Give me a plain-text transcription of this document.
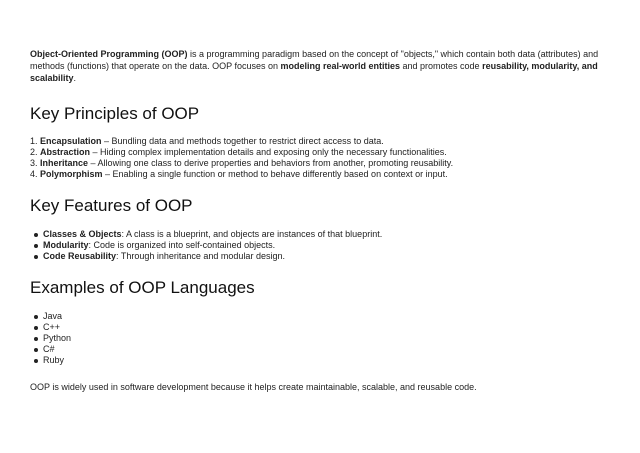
Object-Oriented Programming (OOP) is a programming paradigm based on the concept of "objects," which contain both data (attributes) and methods (functions) that operate on the data. OOP focuses on modeling real-world entities and promotes code reusability, modularity, and scalability.

Key Principles of OOP
1. Encapsulation – Bundling data and methods together to restrict direct access to data.
2. Abstraction – Hiding complex implementation details and exposing only the necessary functionalities.
3. Inheritance – Allowing one class to derive properties and behaviors from another, promoting reusability.
4. Polymorphism – Enabling a single function or method to behave differently based on context or input.
Key Features of OOP
Classes & Objects: A class is a blueprint, and objects are instances of that blueprint.
Modularity: Code is organized into self-contained objects.
Code Reusability: Through inheritance and modular design.
Examples of OOP Languages
Java
C++
Python
C#
Ruby

OOP is widely used in software development because it helps create maintainable, scalable, and reusable code.
